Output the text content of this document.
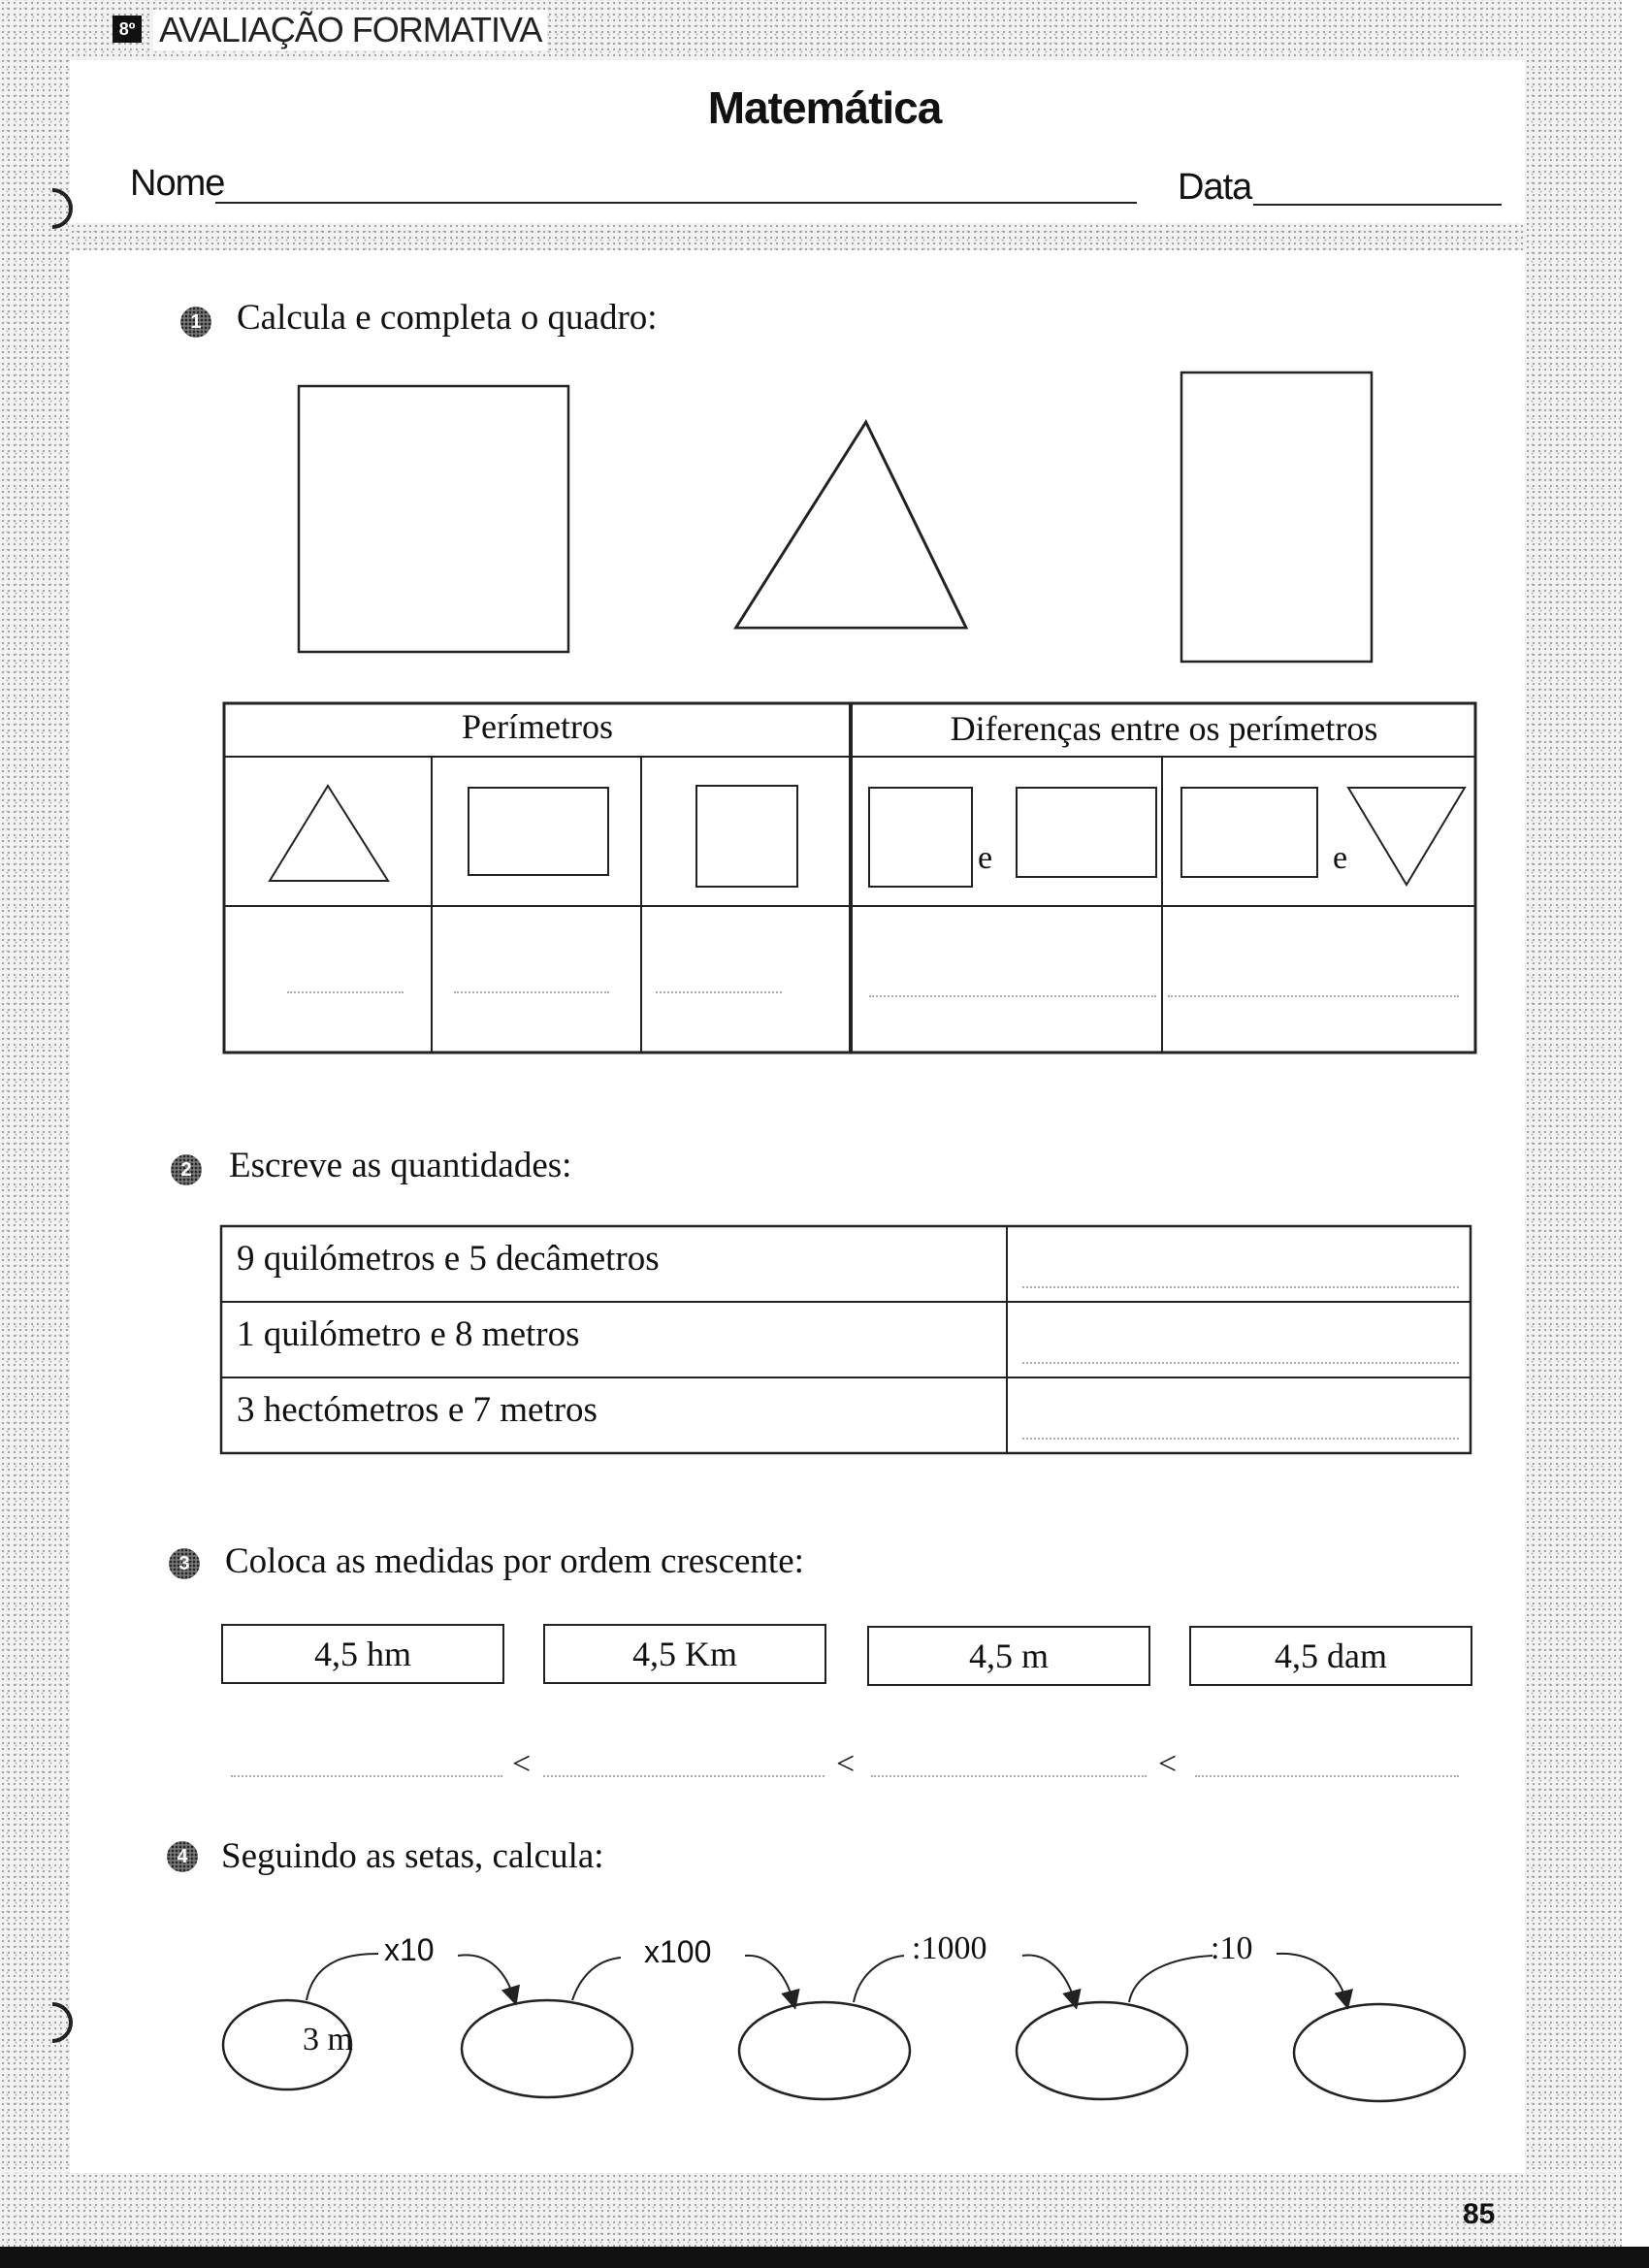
8º AVALIAÇÃO FORMATIVA
Matemática
Nome	Data
1 Calcula e completa o quadro:
Perímetros	Diferenças entre os perímetros
e	e
2 Escreve as quantidades:
9 quilómetros e 5 decâmetros
1 quilómetro e 8 metros
3 hectómetros e 7 metros
3 Coloca as medidas por ordem crescente:
4,5 hm	4,5 Km	4,5 m	4,5 dam
<	<	<
4 Seguindo as setas, calcula:
3 m
x10	x100	:1000	:10
85
